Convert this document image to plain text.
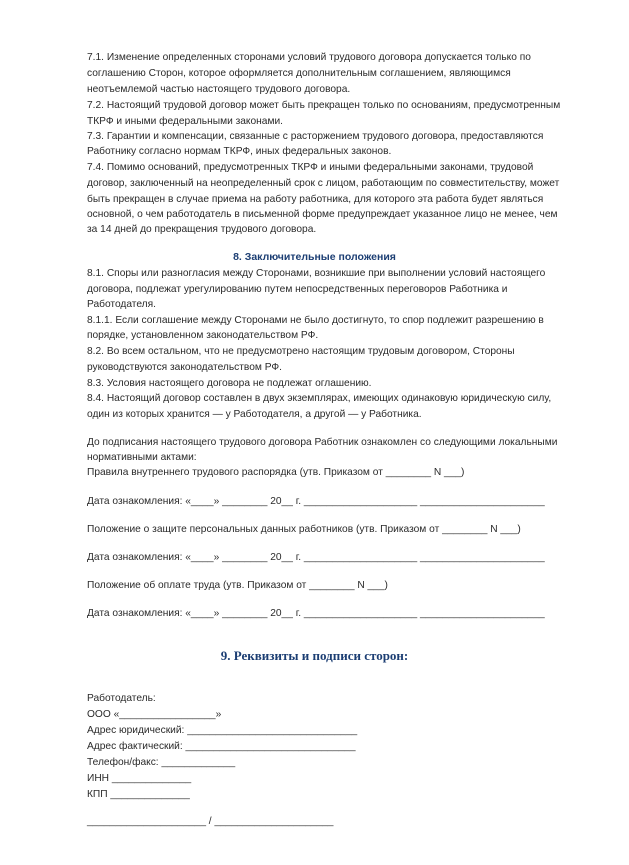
7.1. Изменение определенных сторонами условий трудового договора допускается только по
соглашению Сторон, которое оформляется дополнительным соглашением, являющимся
неотъемлемой частью настоящего трудового договора.
7.2. Настоящий трудовой договор может быть прекращен только по основаниям, предусмотренным
ТКРФ и иными федеральными законами.
7.3. Гарантии и компенсации, связанные с расторжением трудового договора, предоставляются
Работнику согласно нормам ТКРФ, иных федеральных законов.
7.4. Помимо оснований, предусмотренных ТКРФ и иными федеральными законами, трудовой
договор, заключенный на неопределенный срок с лицом, работающим по совместительству, может
быть прекращен в случае приема на работу работника, для которого эта работа будет являться
основной, о чем работодатель в письменной форме предупреждает указанное лицо не менее, чем
за 14 дней до прекращения трудового договора.
8. Заключительные положения
8.1. Споры или разногласия между Сторонами, возникшие при выполнении условий настоящего
договора, подлежат урегулированию путем непосредственных переговоров Работника и
Работодателя.
8.1.1. Если соглашение между Сторонами не было достигнуто, то спор подлежит разрешению в
порядке, установленном законодательством РФ.
8.2. Во всем остальном, что не предусмотрено настоящим трудовым договором, Стороны
руководствуются законодательством РФ.
8.3. Условия настоящего договора не подлежат оглашению.
8.4. Настоящий договор составлен в двух экземплярах, имеющих одинаковую юридическую силу,
один из которых хранится — у Работодателя, а другой — у Работника.
До подписания настоящего трудового договора Работник ознакомлен со следующими локальными
нормативными актами:
Правила внутреннего трудового распорядка (утв. Приказом от ________ N ___)
Дата ознакомления: «____» ________ 20__ г. ____________________ ______________________
Положение о защите персональных данных работников (утв. Приказом от ________ N ___)
Дата ознакомления: «____» ________ 20__ г. ____________________ ______________________
Положение об оплате труда (утв. Приказом от ________ N ___)
Дата ознакомления: «____» ________ 20__ г. ____________________ ______________________
9. Реквизиты и подписи сторон:
Работодатель:
ООО «_________________»
Адрес юридический: ______________________________
Адрес фактический: ______________________________
Телефон/факс: _____________
ИНН ______________
КПП ______________
_____________________ / _____________________
